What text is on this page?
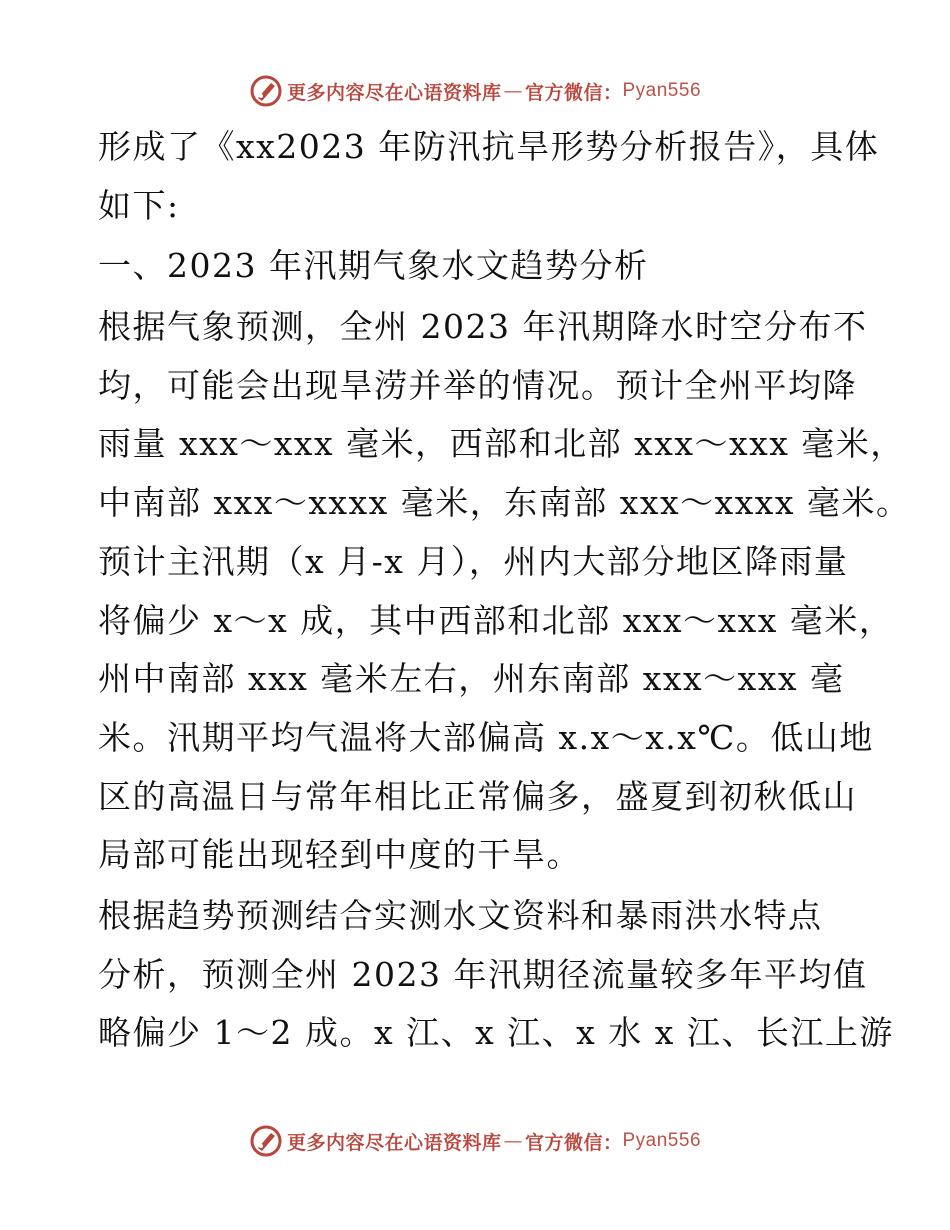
更多内容尽在心语资料库 — 官方微信： Pyan556
形成了《xx2023 年防汛抗旱形势分析报告》，具体
如下:
一、2023 年汛期气象水文趋势分析
根据气象预测，全州 2023 年汛期降水时空分布不
均，可能会出现旱涝并举的情况。预计全州平均降
雨量 xxx～xxx 毫米，西部和北部 xxx～xxx 毫米，
中南部 xxx～xxxx 毫米，东南部 xxx～xxxx 毫米。
预计主汛期（x 月-x 月），州内大部分地区降雨量
将偏少 x～x 成，其中西部和北部 xxx～xxx 毫米，
州中南部 xxx 毫米左右，州东南部 xxx～xxx 毫
米。汛期平均气温将大部偏高 x.x～x.x℃。低山地
区的高温日与常年相比正常偏多，盛夏到初秋低山
局部可能出现轻到中度的干旱。
根据趋势预测结合实测水文资料和暴雨洪水特点
分析，预测全州 2023 年汛期径流量较多年平均值
略偏少 1～2 成。x 江、x 江、x 水 x 江、长江上游
更多内容尽在心语资料库 — 官方微信： Pyan556
